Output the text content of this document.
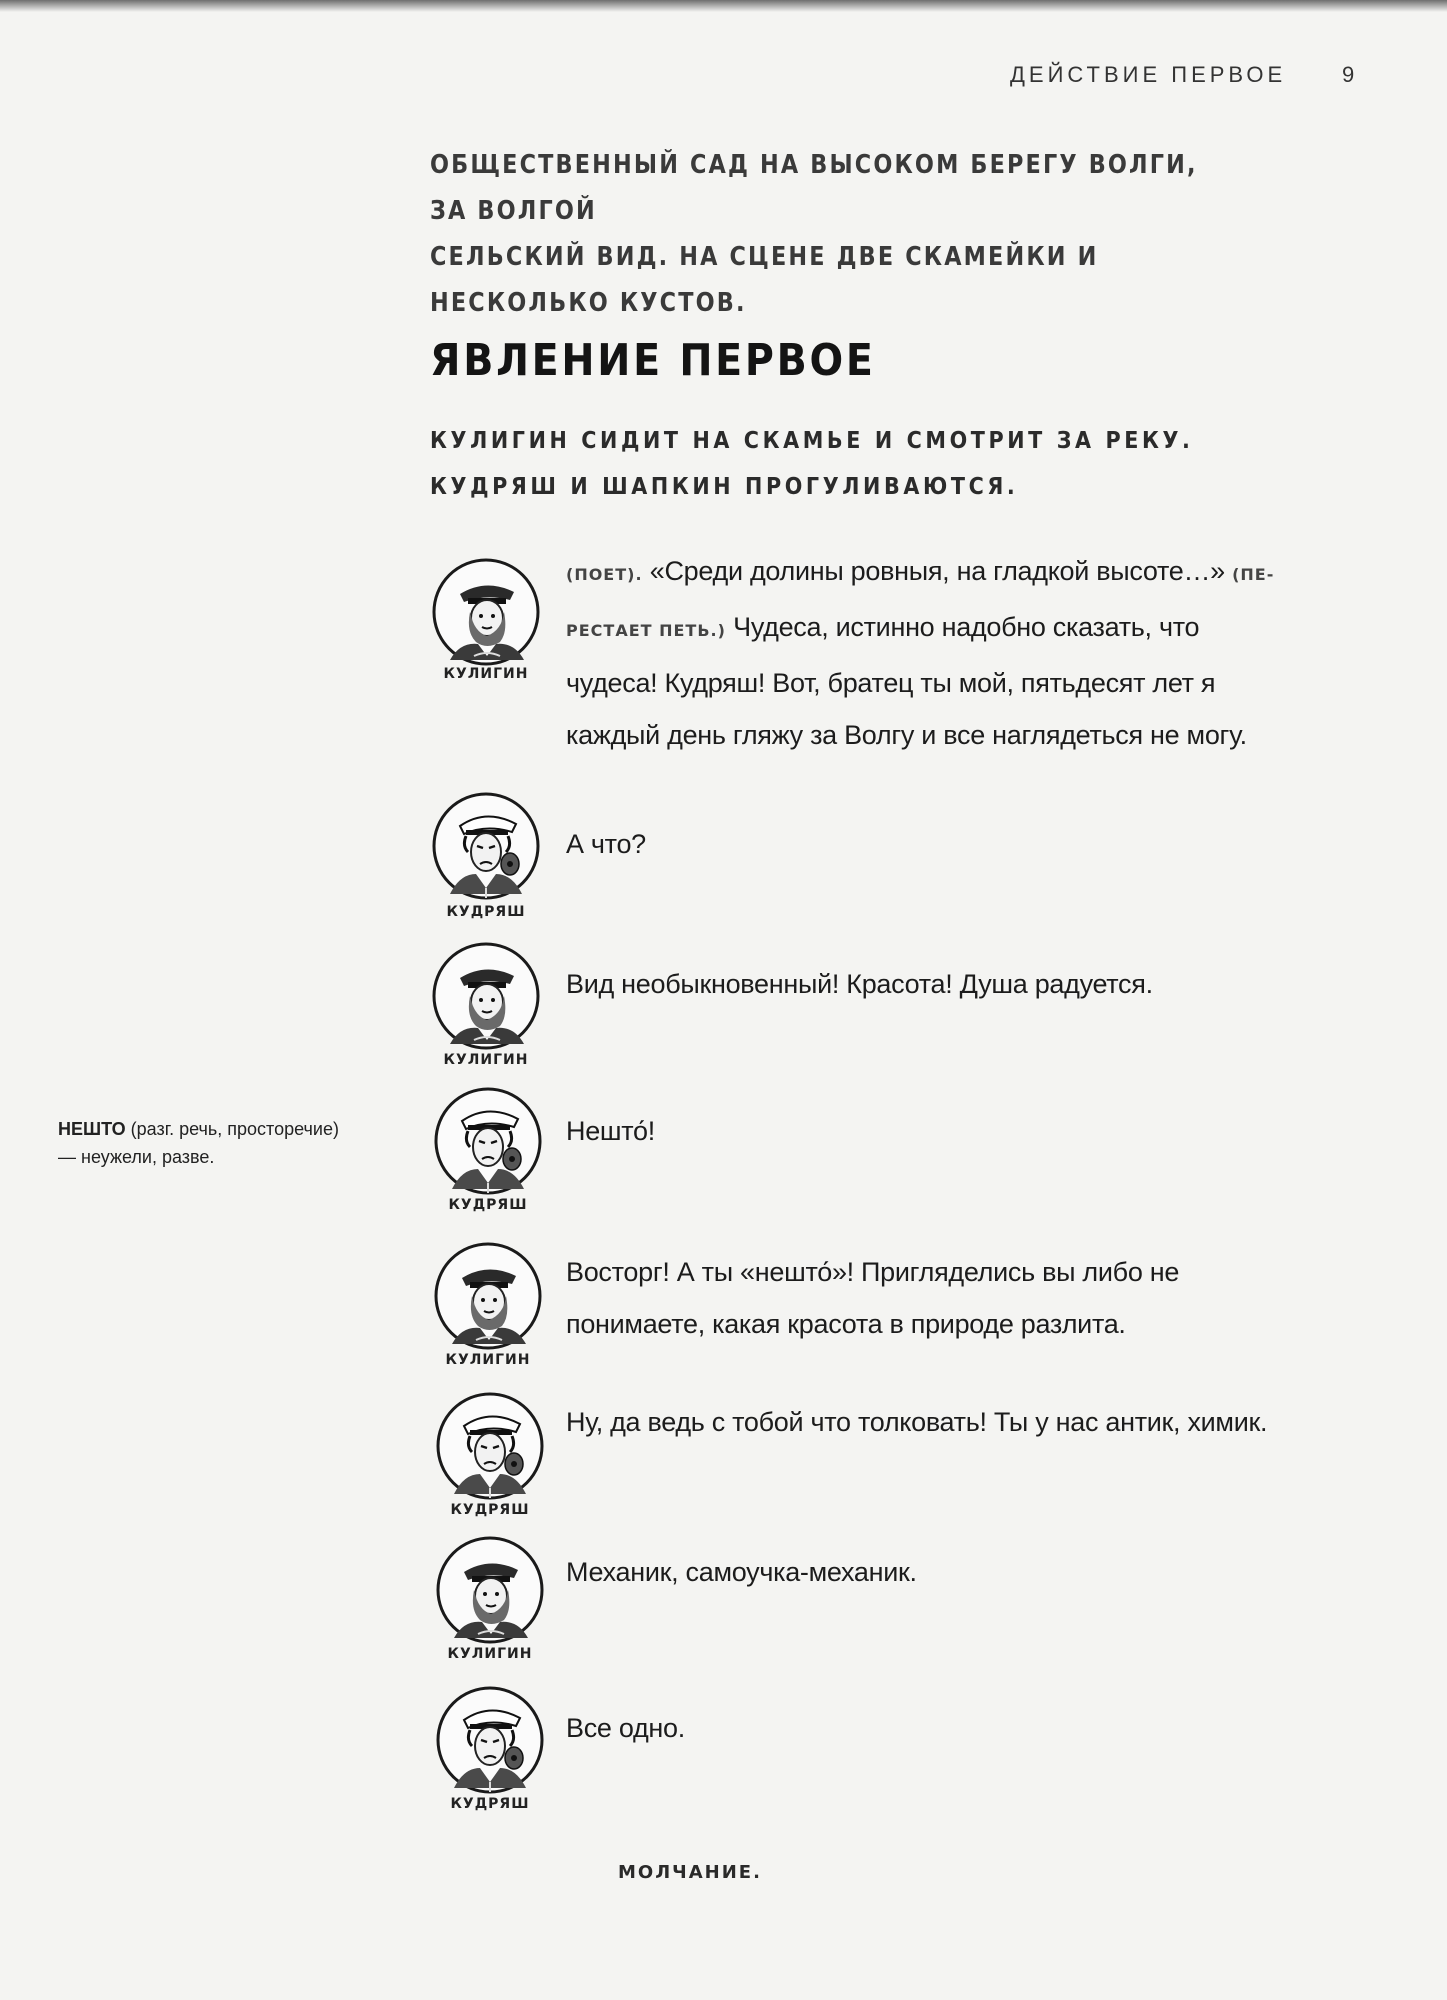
ДЕЙСТВИЕ ПЕРВОЕ	9
ОБЩЕСТВЕННЫЙ САД НА ВЫСОКОМ БЕРЕГУ ВОЛГИ, ЗА ВОЛГОЙ
СЕЛЬСКИЙ ВИД. НА СЦЕНЕ ДВЕ СКАМЕЙКИ И НЕСКОЛЬКО КУСТОВ.
ЯВЛЕНИЕ ПЕРВОЕ
КУЛИГИН СИДИТ НА СКАМЬЕ И СМОТРИТ ЗА РЕКУ.
КУДРЯШ И ШАПКИН ПРОГУЛИВАЮТСЯ.
КУЛИГИН
(ПОЕТ). «Среди долины ровныя, на гладкой высоте…» (ПЕ-РЕСТАЕТ ПЕТЬ.) Чудеса, истинно надобно сказать, что чудеса! Кудряш! Вот, братец ты мой, пятьдесят лет я каждый день гляжу за Волгу и все наглядеться не могу.
КУДРЯШ
А что?
КУЛИГИН
Вид необыкновенный! Красота! Душа радуется.
КУДРЯШ
Нешто́!
КУЛИГИН
Восторг! А ты «нешто́»! Пригляделись вы либо не понимаете, какая красота в природе разлита.
КУДРЯШ
Ну, да ведь с тобой что толковать! Ты у нас антик, химик.
КУЛИГИН
Механик, самоучка-механик.
КУДРЯШ
Все одно.
НЕШТО (разг. речь, просторечие) — неужели, разве.
МОЛЧАНИЕ.
